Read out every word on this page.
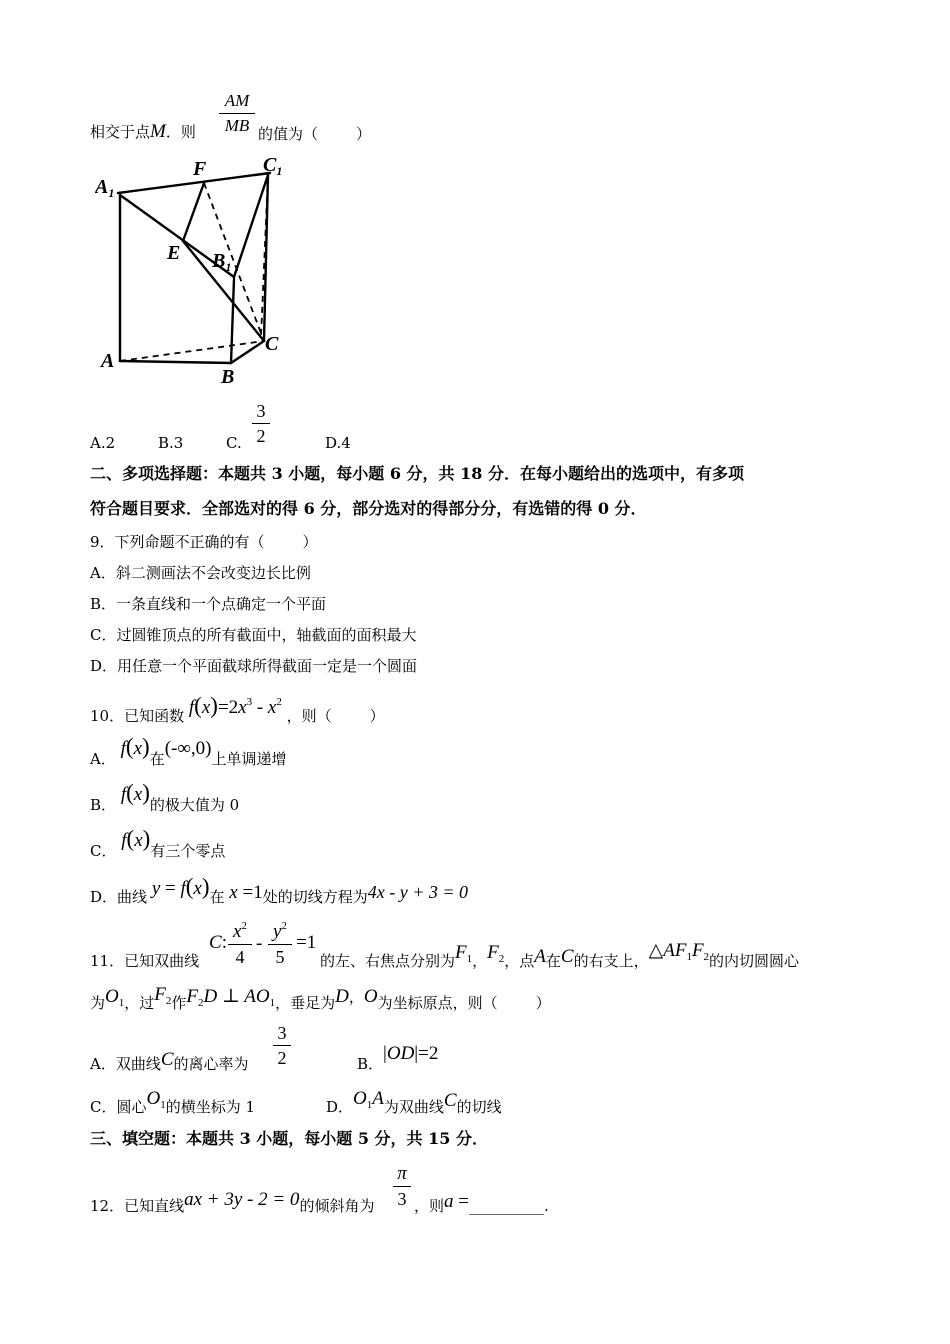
相交于点M．则
AM
MB 的值为（	）
$A_1$
F	$C_1$
E $B_1$
C
A
B
A.2	B.3	C.
3
2	D.4
二、多项选择题：本题共 3 小题，每小题 6 分，共 18 分．在每小题给出的选项中，有多项
符合题目要求．全部选对的得 6 分，部分选对的得部分分，有选错的得 0 分．
9．下列命题不正确的有（	）
A．斜二测画法不会改变边长比例
B．一条直线和一个点确定一个平面
C．过圆锥顶点的所有截面中，轴截面的面积最大
D．用任意一个平面截球所得截面一定是一个圆面
10．已知函数 $f(x)=2x^3 - x^2$ ，则（	）
A． f(x)在(-∞,0)上单调递增
B． f(x)的极大值为 0
C． f(x)有三个零点
D．曲线 y = f(x)在 x =1处的切线方程为4x - y + 3 = 0
11．已知双曲线
C:
$x^2$
4
-
$y^2$
5
=1
的左、右焦点分别为$F_1$，$F_2$，点A在C的右支上，$\triangle AF_1F_2$的内切圆圆心
为$O_1$，过$F_2$作$F_2D$ ⊥ $AO_1$，垂足为D，O为坐标原点，则（	）
A．双曲线C的离心率为
3
2	B．|OD|=2
C．圆心$O_1$的横坐标为 1	D．$O_1A$为双曲线C的切线
三、填空题：本题共 3 小题，每小题 5 分，共 15 分．
12．已知直线ax + 3y - 2 = 0的倾斜角为
π
3 ，则a =__________.
